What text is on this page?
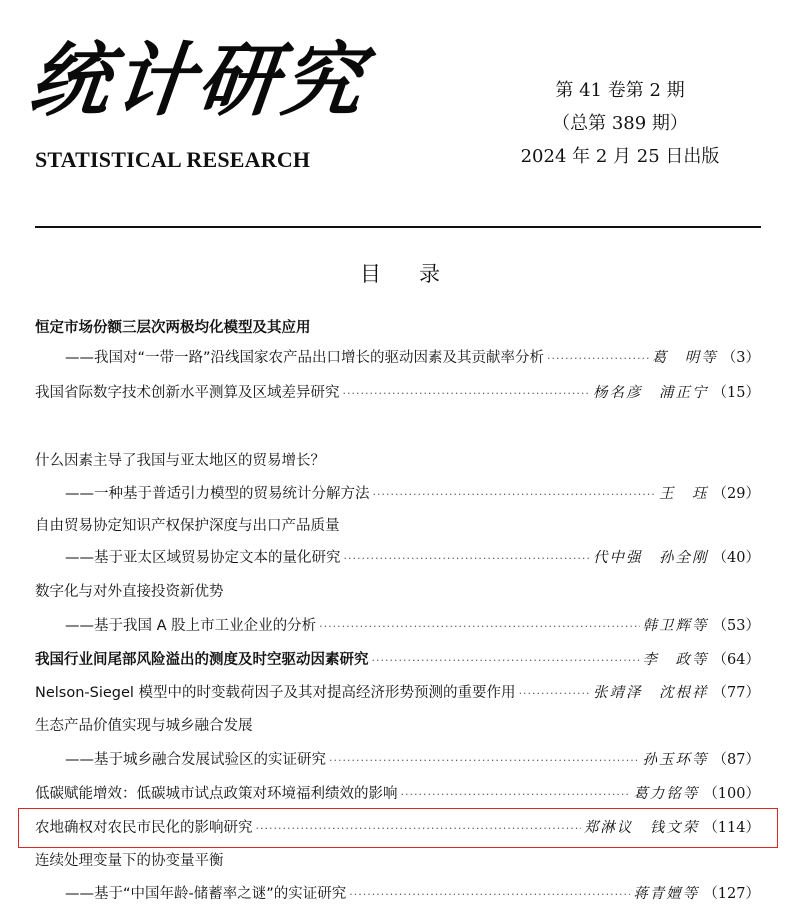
统计研究
STATISTICAL RESEARCH
第 41 卷第 2 期
（总第 389 期）
2024 年 2 月 25 日出版
目录
恒定市场份额三层次两极均化模型及其应用
——我国对“一带一路”沿线国家农产品出口增长的驱动因素及其贡献率分析 ·····	葛　明等 （3）
我国省际数字技术创新水平测算及区域差异研究 ·····	杨名彦　浦正宁 （15）
什么因素主导了我国与亚太地区的贸易增长？
——一种基于普适引力模型的贸易统计分解方法 ·····	王　珏 （29）
自由贸易协定知识产权保护深度与出口产品质量
——基于亚太区域贸易协定文本的量化研究 ·····	代中强　孙全刚 （40）
数字化与对外直接投资新优势
——基于我国 A 股上市工业企业的分析 ·····	韩卫辉等 （53）
我国行业间尾部风险溢出的测度及时空驱动因素研究 ·····	李　政等 （64）
Nelson-Siegel 模型中的时变载荷因子及其对提高经济形势预测的重要作用 ·····	张靖泽　沈根祥 （77）
生态产品价值实现与城乡融合发展
——基于城乡融合发展试验区的实证研究 ·····	孙玉环等 （87）
低碳赋能增效：低碳城市试点政策对环境福利绩效的影响 ·····	葛力铭等 （100）
农地确权对农民市民化的影响研究 ·····	郑淋议　钱文荣 （114）
连续处理变量下的协变量平衡
——基于“中国年龄-储蓄率之谜”的实证研究 ·····	蒋青嬗等 （127）
